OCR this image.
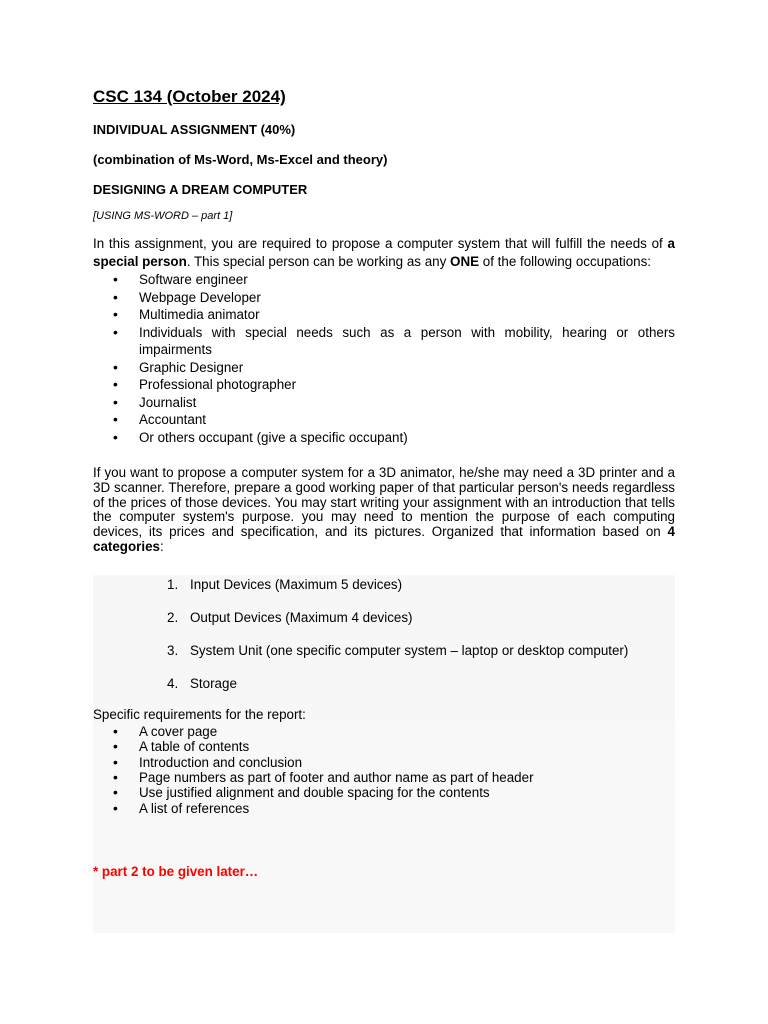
CSC 134 (October 2024)

INDIVIDUAL ASSIGNMENT (40%)

(combination of Ms-Word, Ms-Excel and theory)

DESIGNING A DREAM COMPUTER

[USING MS-WORD – part 1]

In this assignment, you are required to propose a computer system that will fulfill the needs of a special person. This special person can be working as any ONE of the following occupations:

• Software engineer
• Webpage Developer
• Multimedia animator
• Individuals with special needs such as a person with mobility, hearing or others impairments
• Graphic Designer
• Professional photographer
• Journalist
• Accountant
• Or others occupant (give a specific occupant)

If you want to propose a computer system for a 3D animator, he/she may need a 3D printer and a 3D scanner. Therefore, prepare a good working paper of that particular person's needs regardless of the prices of those devices. You may start writing your assignment with an introduction that tells the computer system's purpose. you may need to mention the purpose of each computing devices, its prices and specification, and its pictures. Organized that information based on 4 categories:

1. Input Devices (Maximum 5 devices)
2. Output Devices (Maximum 4 devices)
3. System Unit (one specific computer system – laptop or desktop computer)
4. Storage

Specific requirements for the report:

• A cover page
• A table of contents
• Introduction and conclusion
• Page numbers as part of footer and author name as part of header
• Use justified alignment and double spacing for the contents
• A list of references

* part 2 to be given later…
